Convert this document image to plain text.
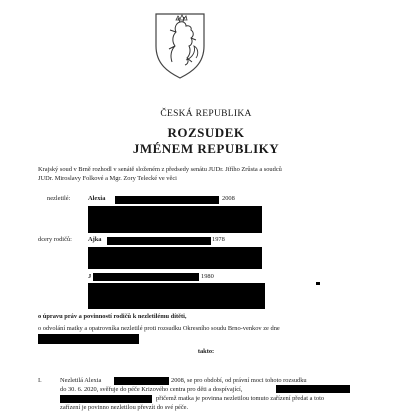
ČESKÁ REPUBLIKA
ROZSUDEK
JMÉNEM REPUBLIKY
Krajský soud v Brně rozhodl v senátě složeném z předsedy senátu JUDr. Jiřího Zrůsta a soudců
JUDr. Miroslavy Folkové a Mgr. Zory Telecké ve věci
nezletilé:	Alexia	2008
dcery rodičů:	Ajka	1978
J	1980
o úpravu práv a povinností rodičů k nezletilému dítěti,
o odvolání matky a opatrovníka nezletilé proti rozsudku Okresního soudu Brno-venkov ze dne
takto:
I.	Nezletilá Alexia	2008, se pro období, od právní moci tohoto rozsudku
do 30. 6. 2020, svěřuje do péče Krizového centra pro děti a dospívající,
přičemž matka je povinna nezletilou tomuto zařízení předat a toto
zařízení je povinno nezletilou převzít do své péče.
